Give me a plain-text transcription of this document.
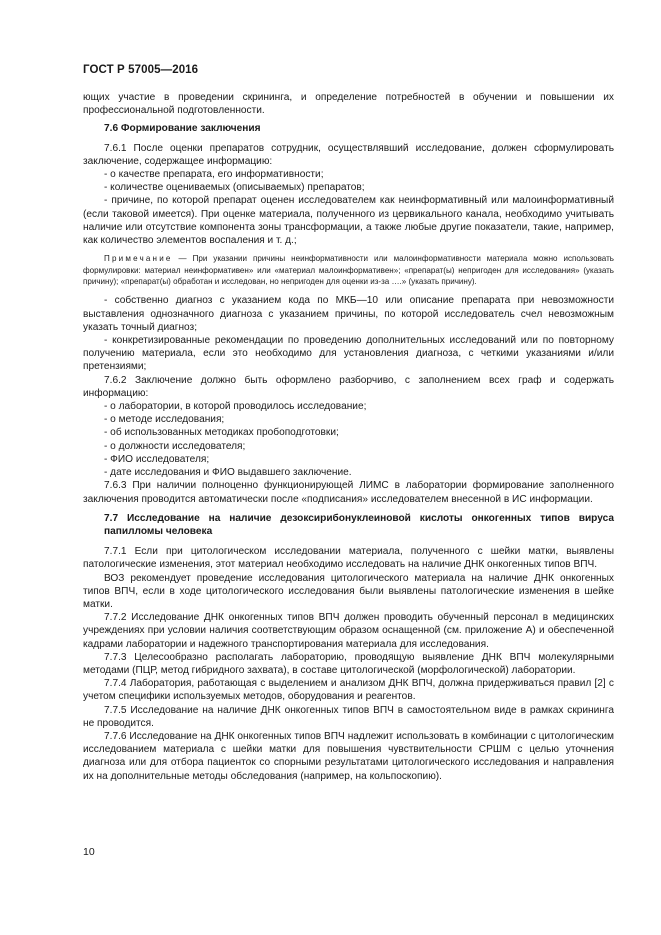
ГОСТ Р 57005—2016

ющих участие в проведении скрининга, и определение потребностей в обучении и повышении их профессиональной подготовленности.

7.6 Формирование заключения

7.6.1 После оценки препаратов сотрудник, осуществлявший исследование, должен сформулировать заключение, содержащее информацию:

- о качестве препарата, его информативности;

- количестве оцениваемых (описываемых) препаратов;

- причине, по которой препарат оценен исследователем как неинформативный или малоинформативный (если таковой имеется). При оценке материала, полученного из цервикального канала, необходимо учитывать наличие или отсутствие компонента зоны трансформации, а также любые другие показатели, такие, например, как количество элементов воспаления и т. д.;

Примечание — При указании причины неинформативности или малоинформативности материала можно использовать формулировки: материал неинформативен» или «материал малоинформативен»; «препарат(ы) непригоден для исследования» (указать причину); «препарат(ы) обработан и исследован, но непригоден для оценки из-за ….» (указать причину).

- собственно диагноз с указанием кода по МКБ—10 или описание препарата при невозможности выставления однозначного диагноза с указанием причины, по которой исследователь счел невозможным указать точный диагноз;

- конкретизированные рекомендации по проведению дополнительных исследований или по повторному получению материала, если это необходимо для установления диагноза, с четкими указаниями и/или претензиями;

7.6.2 Заключение должно быть оформлено разборчиво, с заполнением всех граф и содержать информацию:

- о лаборатории, в которой проводилось исследование;

- о методе исследования;

- об использованных методиках пробоподготовки;

- о должности исследователя;

- ФИО исследователя;

- дате исследования и ФИО выдавшего заключение.

7.6.3 При наличии полноценно функционирующей ЛИМС в лаборатории формирование заполненного заключения проводится автоматически после «подписания» исследователем внесенной в ИС информации.

7.7 Исследование на наличие дезоксирибонуклеиновой кислоты онкогенных типов вируса папилломы человека

7.7.1 Если при цитологическом исследовании материала, полученного с шейки матки, выявлены патологические изменения, этот материал необходимо исследовать на наличие ДНК онкогенных типов ВПЧ.

ВОЗ рекомендует проведение исследования цитологического материала на наличие ДНК онкогенных типов ВПЧ, если в ходе цитологического исследования были выявлены патологические изменения в шейке матки.

7.7.2 Исследование ДНК онкогенных типов ВПЧ должен проводить обученный персонал в медицинских учреждениях при условии наличия соответствующим образом оснащенной (см. приложение А) и обеспеченной кадрами лаборатории и надежного транспортирования материала для исследования.

7.7.3 Целесообразно располагать лабораторию, проводящую выявление ДНК ВПЧ молекулярными методами (ПЦР, метод гибридного захвата), в составе цитологической (морфологической) лаборатории.

7.7.4 Лаборатория, работающая с выделением и анализом ДНК ВПЧ, должна придерживаться правил [2] с учетом специфики используемых методов, оборудования и реагентов.

7.7.5 Исследование на наличие ДНК онкогенных типов ВПЧ в самостоятельном виде в рамках скрининга не проводится.

7.7.6 Исследование на ДНК онкогенных типов ВПЧ надлежит использовать в комбинации с цитологическим исследованием материала с шейки матки для повышения чувствительности СРШМ с целью уточнения диагноза или для отбора пациенток со спорными результатами цитологического исследования и направления их на дополнительные методы обследования (например, на кольпоскопию).

10
